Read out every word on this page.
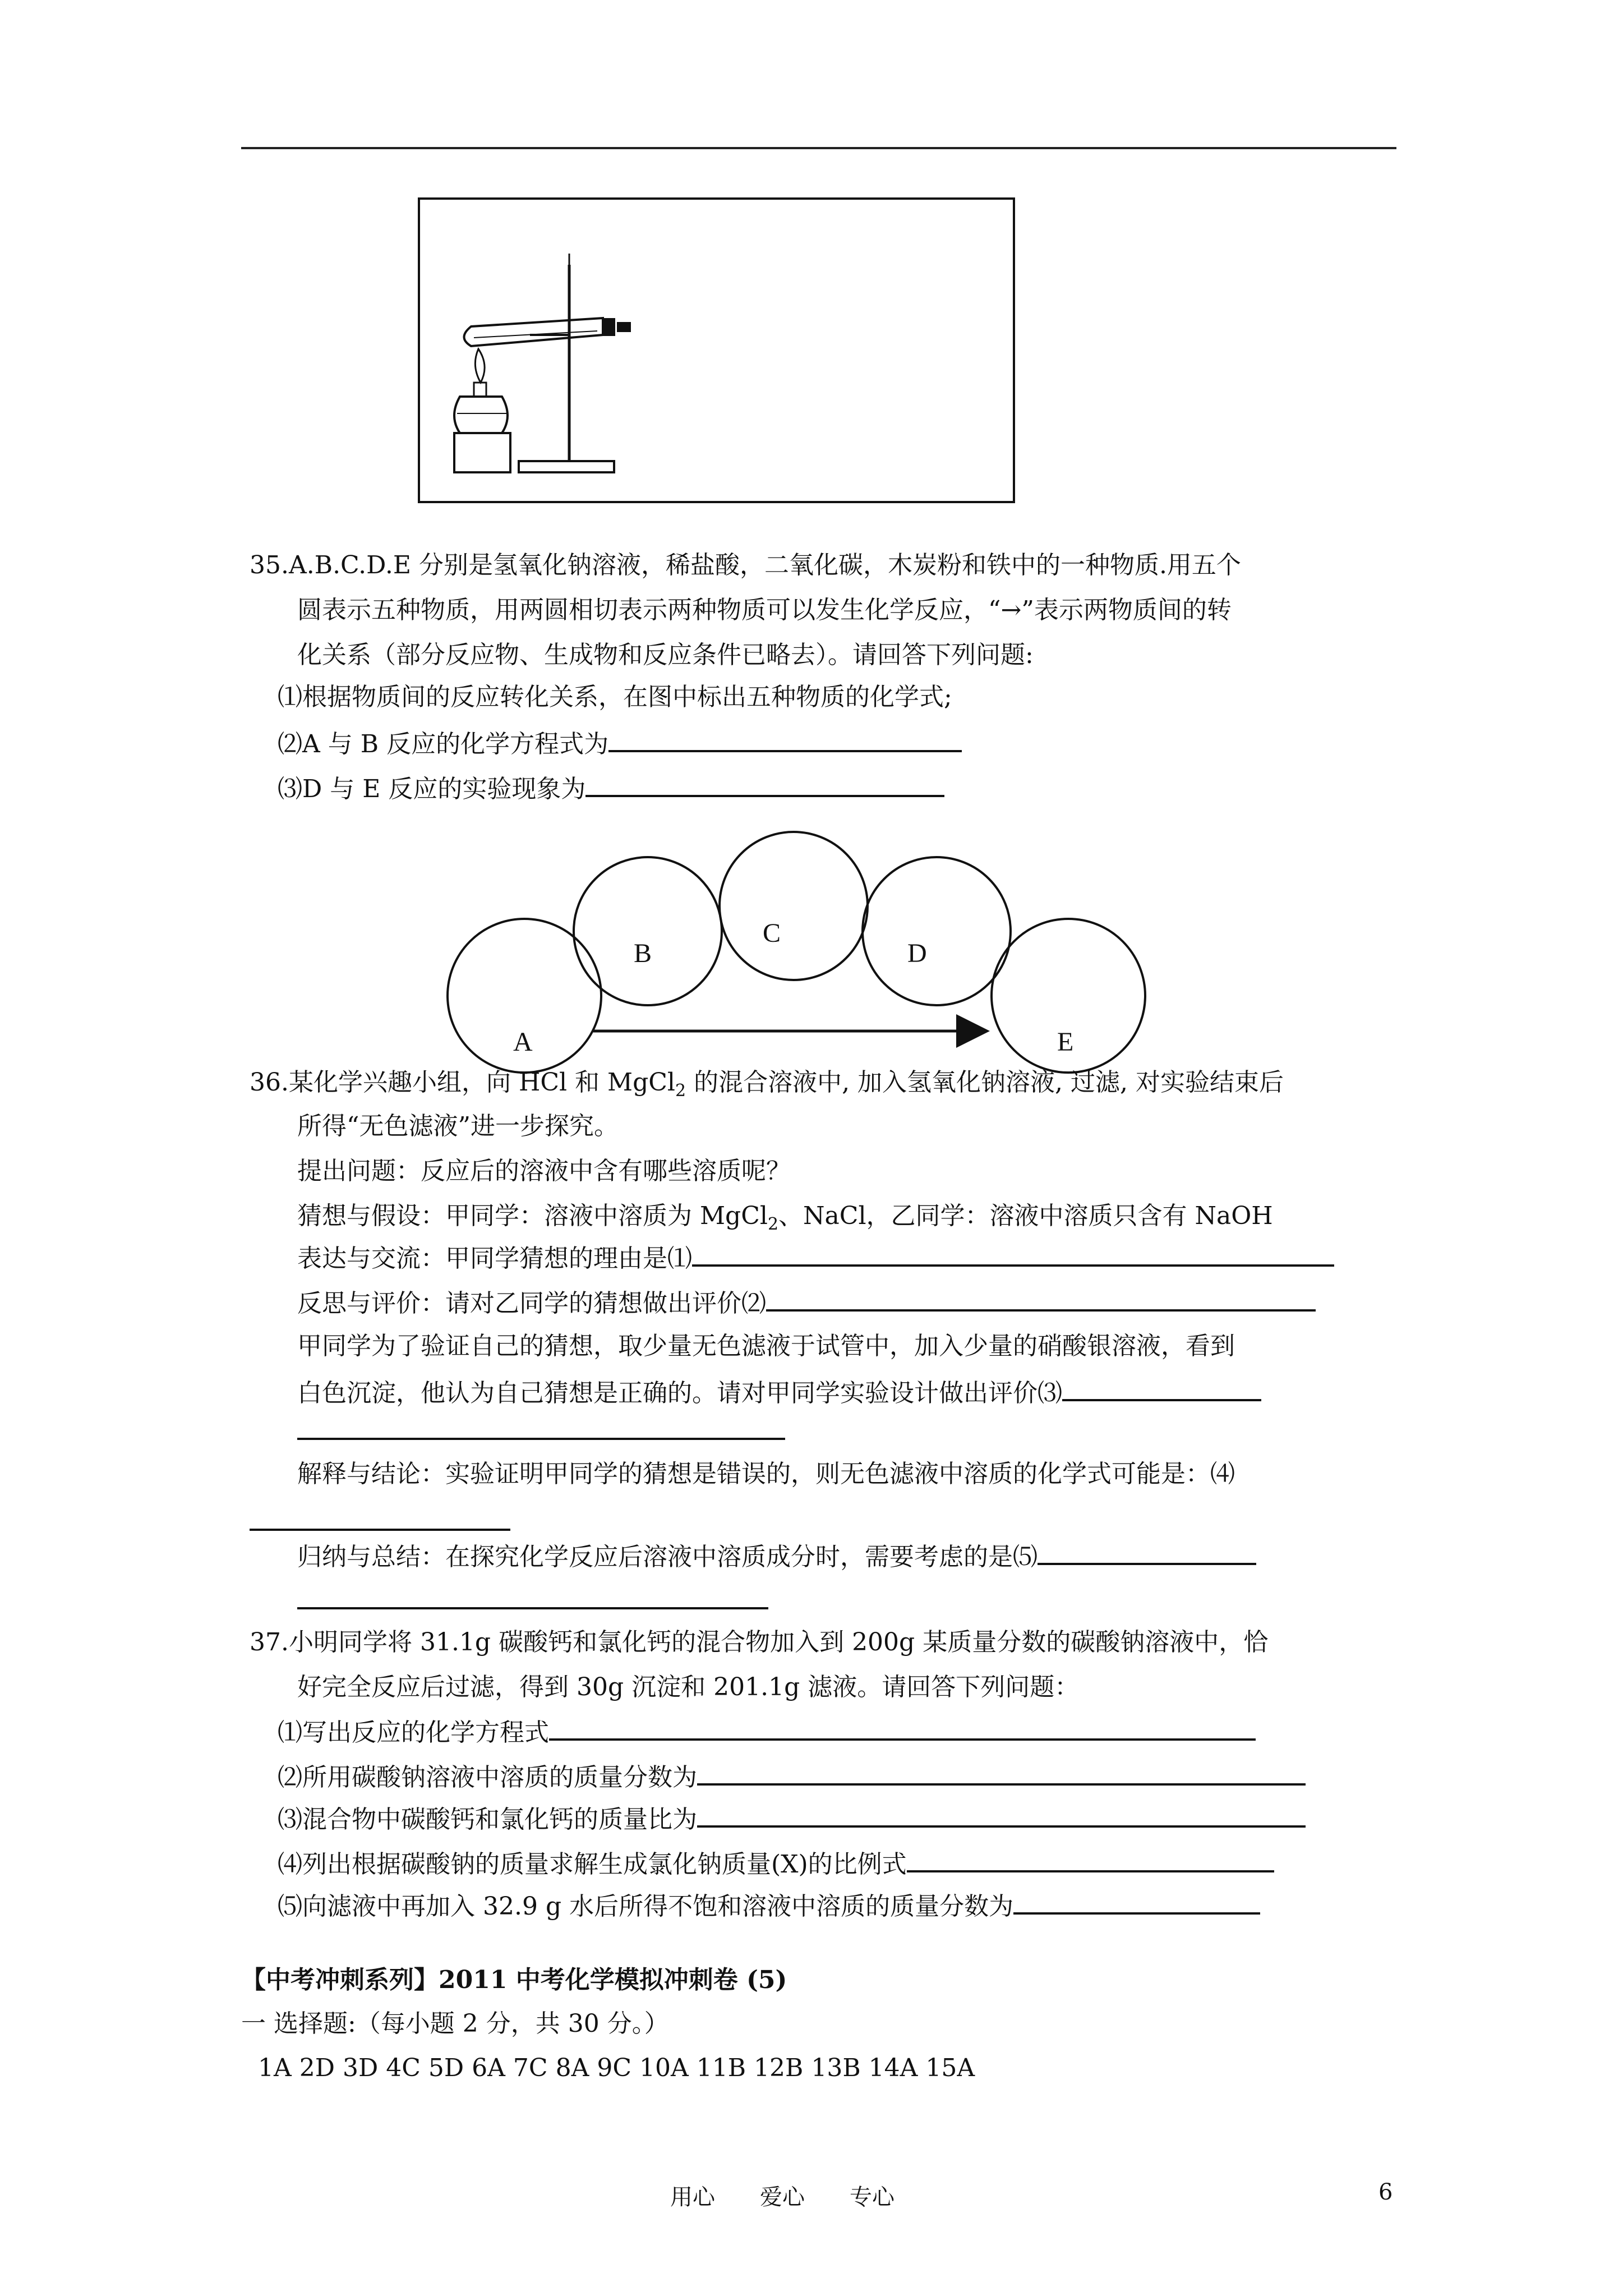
35.A.B.C.D.E 分别是氢氧化钠溶液，稀盐酸，二氧化碳，木炭粉和铁中的一种物质.用五个
圆表示五种物质，用两圆相切表示两种物质可以发生化学反应，“→”表示两物质间的转
化关系（部分反应物、生成物和反应条件已略去）。请回答下列问题:
⑴根据物质间的反应转化关系，在图中标出五种物质的化学式;
⑵A 与 B 反应的化学方程式为
⑶D 与 E 反应的实验现象为
B
C
D
36.某化学兴趣小组，向 HCl 和 MgCl$_2$ 的混合溶液中, 加入氢氧化钠溶液, 过滤, 对实验结束后
A	E
所得“无色滤液”进一步探究。
提出问题：反应后的溶液中含有哪些溶质呢？
猜想与假设：甲同学：溶液中溶质为 MgCl$_2$、NaCl，乙同学：溶液中溶质只含有 NaOH
表达与交流：甲同学猜想的理由是⑴
反思与评价：请对乙同学的猜想做出评价⑵
甲同学为了验证自己的猜想，取少量无色滤液于试管中，加入少量的硝酸银溶液，看到
白色沉淀，他认为自己猜想是正确的。请对甲同学实验设计做出评价⑶
解释与结论：实验证明甲同学的猜想是错误的，则无色滤液中溶质的化学式可能是：⑷
归纳与总结：在探究化学反应后溶液中溶质成分时，需要考虑的是⑸
37.小明同学将 31.1g 碳酸钙和氯化钙的混合物加入到 200g 某质量分数的碳酸钠溶液中，恰
好完全反应后过滤，得到 30g 沉淀和 201.1g 滤液。请回答下列问题：
⑴写出反应的化学方程式
⑵所用碳酸钠溶液中溶质的质量分数为
⑶混合物中碳酸钙和氯化钙的质量比为
⑷列出根据碳酸钠的质量求解生成氯化钠质量(X)的比例式
⑸向滤液中再加入 32.9 g 水后所得不饱和溶液中溶质的质量分数为
【中考冲刺系列】2011 中考化学模拟冲刺卷 (5)
一 选择题:（每小题 2 分，共 30 分。）
1A 2D 3D 4C 5D 6A 7C 8A 9C 10A 11B 12B 13B 14A 15A
用心　　爱心　　专心	6
